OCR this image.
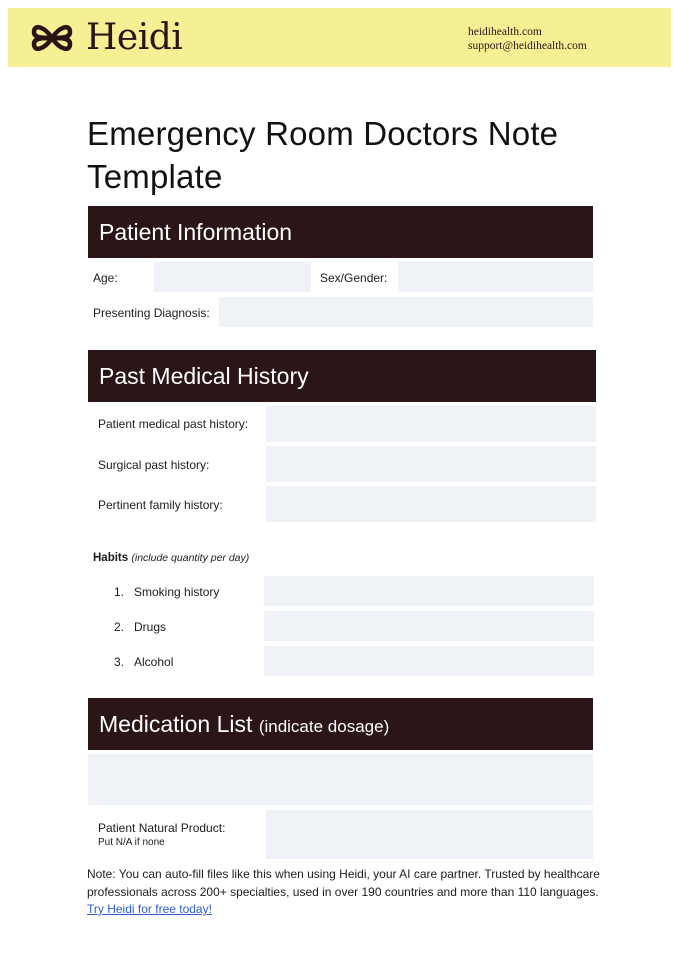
Heidi	heidihealth.com
support@heidihealth.com
Emergency Room Doctors Note Template
Patient Information
Age:	Sex/Gender:
Presenting Diagnosis:
Past Medical History
Patient medical past history:
Surgical past history:
Pertinent family history:
Habits (include quantity per day)
1. Smoking history
2. Drugs
3. Alcohol
Medication List (indicate dosage)
Patient Natural Product:
Put N/A if none
Note: You can auto-fill files like this when using Heidi, your AI care partner. Trusted by healthcare professionals across 200+ specialties, used in over 190 countries and more than 110 languages.
Try Heidi for free today!
